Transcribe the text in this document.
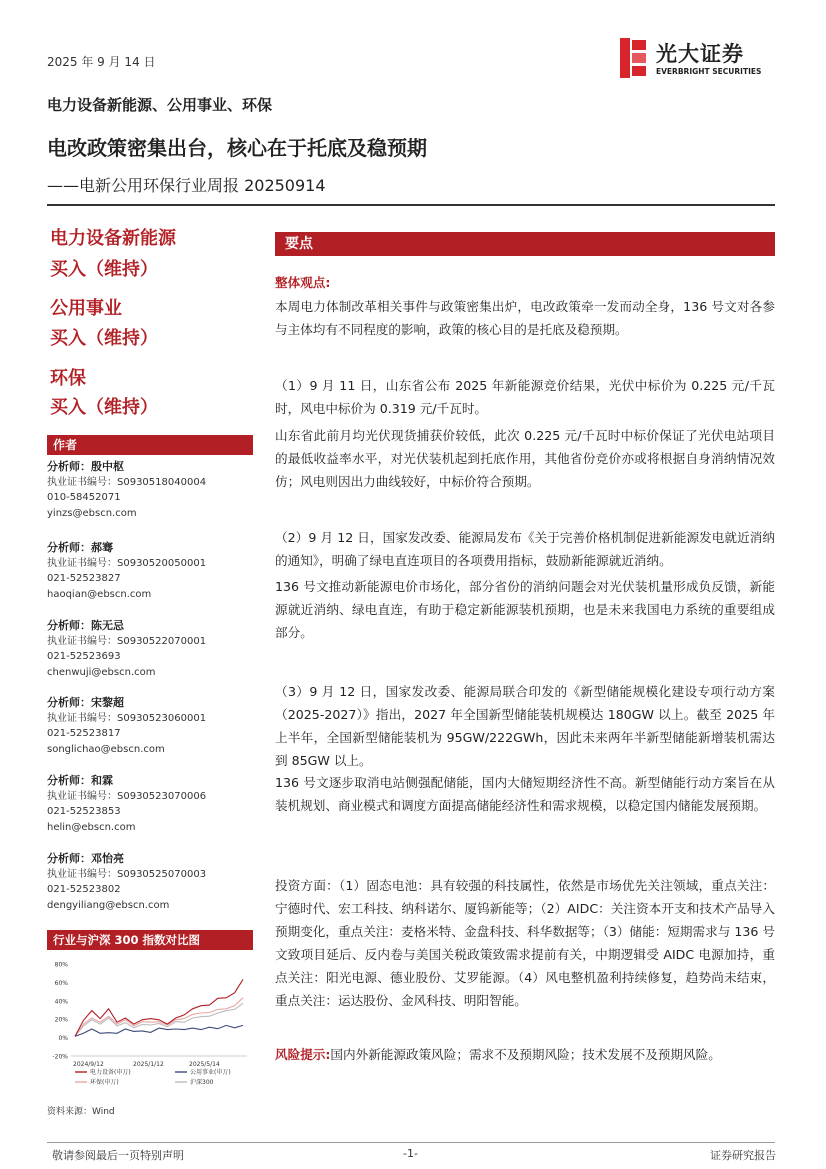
2025 年 9 月 14 日	光大证券
EVERBRIGHT SECURITIES
电力设备新能源、公用事业、环保
电改政策密集出台，核心在于托底及稳预期
——电新公用环保行业周报 20250914
电力设备新能源
买入（维持）
公用事业
买入（维持）
环保
买入（维持）
作者
分析师：殷中枢
执业证书编号：S0930518040004
010-58452071
yinzs@ebscn.com
分析师：郝骞
执业证书编号：S0930520050001
021-52523827
haoqian@ebscn.com
分析师：陈无忌
执业证书编号：S0930522070001
021-52523693
chenwuji@ebscn.com
分析师：宋黎超
执业证书编号：S0930523060001
021-52523817
songlichao@ebscn.com
分析师：和霖
执业证书编号：S0930523070006
021-52523853
helin@ebscn.com
分析师：邓怡亮
执业证书编号：S0930525070003
021-52523802
dengyiliang@ebscn.com
行业与沪深 300 指数对比图
80%
60%
40%
20%
0%
-20%
2024/9/12	2025/1/12	2025/5/14
电力设备(申万)	公用事业(申万)
环保(申万)	沪深300
资料来源：Wind
要点
整体观点:
本周电力体制改革相关事件与政策密集出炉，电改政策牵一发而动全身，136 号文对各参与主体均有不同程度的影响，政策的核心目的是托底及稳预期。
（1）9 月 11 日，山东省公布 2025 年新能源竞价结果，光伏中标价为 0.225 元/千瓦时，风电中标价为 0.319 元/千瓦时。
山东省此前月均光伏现货捕获价较低，此次 0.225 元/千瓦时中标价保证了光伏电站项目的最低收益率水平，对光伏装机起到托底作用，其他省份竞价亦或将根据自身消纳情况效仿；风电则因出力曲线较好，中标价符合预期。
（2）9 月 12 日，国家发改委、能源局发布《关于完善价格机制促进新能源发电就近消纳的通知》，明确了绿电直连项目的各项费用指标，鼓励新能源就近消纳。
136 号文推动新能源电价市场化，部分省份的消纳问题会对光伏装机量形成负反馈，新能源就近消纳、绿电直连，有助于稳定新能源装机预期，也是未来我国电力系统的重要组成部分。
（3）9 月 12 日，国家发改委、能源局联合印发的《新型储能规模化建设专项行动方案（2025-2027）》指出，2027 年全国新型储能装机规模达 180GW 以上。截至 2025 年上半年，全国新型储能装机为 95GW/222GWh，因此未来两年半新型储能新增装机需达到 85GW 以上。
136 号文逐步取消电站侧强配储能，国内大储短期经济性不高。新型储能行动方案旨在从装机规划、商业模式和调度方面提高储能经济性和需求规模，以稳定国内储能发展预期。
投资方面：（1）固态电池：具有较强的科技属性，依然是市场优先关注领域，重点关注：宁德时代、宏工科技、纳科诺尔、厦钨新能等；（2）AIDC：关注资本开支和技术产品导入预期变化，重点关注：麦格米特、金盘科技、科华数据等；（3）储能：短期需求与 136 号文致项目延后、反内卷与美国关税政策致需求提前有关，中期逻辑受 AIDC 电源加持，重点关注：阳光电源、德业股份、艾罗能源。（4）风电整机盈利持续修复，趋势尚未结束，重点关注：运达股份、金风科技、明阳智能。
风险提示:国内外新能源政策风险；需求不及预期风险；技术发展不及预期风险。
敬请参阅最后一页特别声明	-1-	证券研究报告
